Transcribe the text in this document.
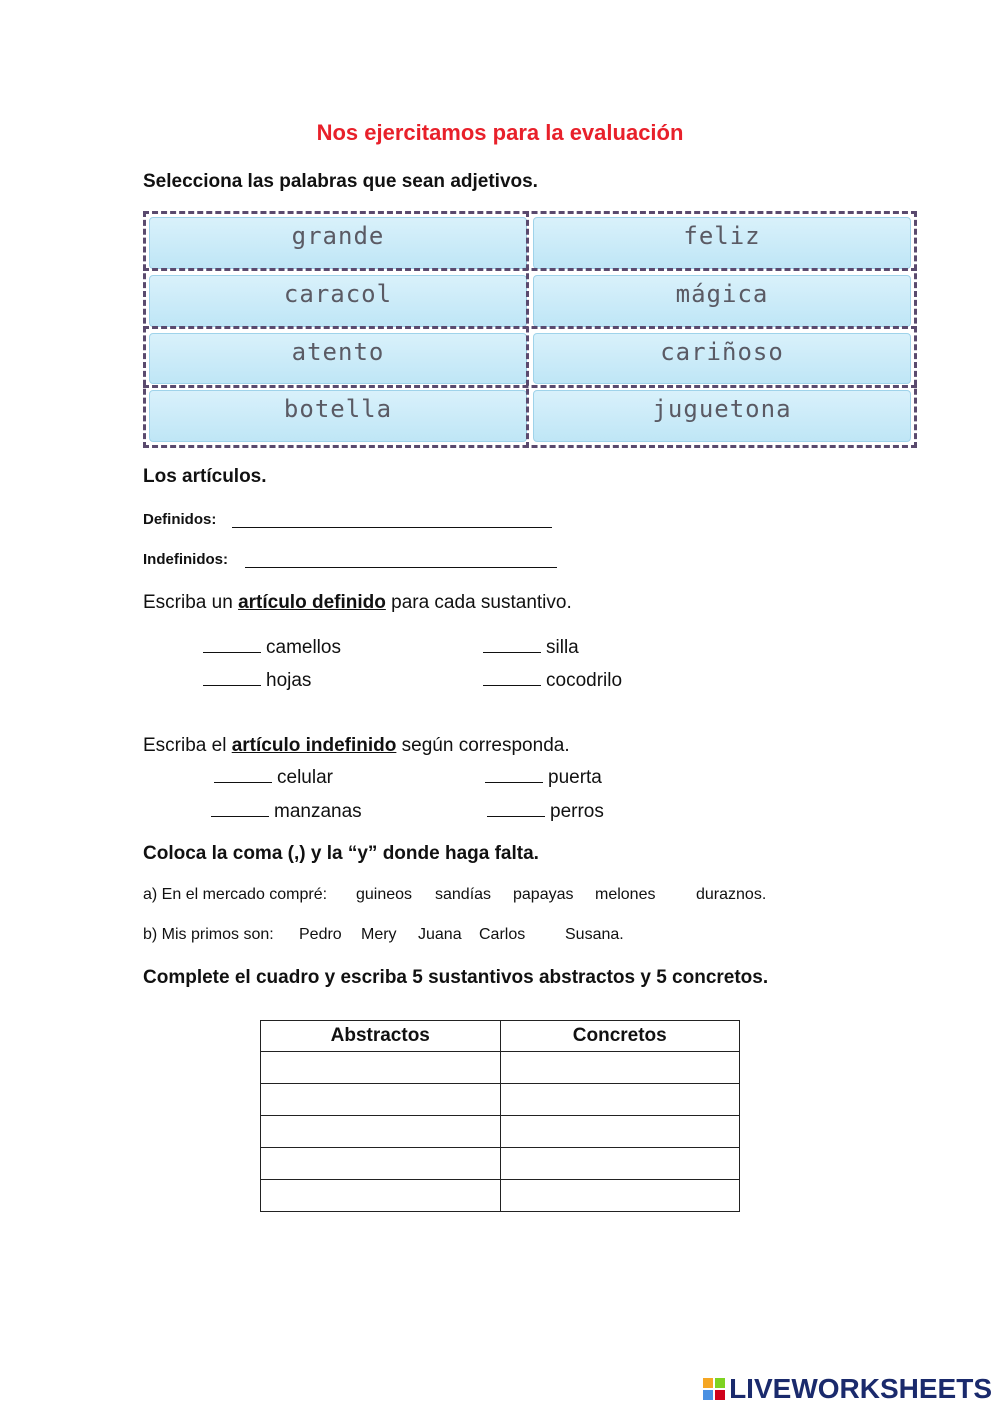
Nos ejercitamos para la evaluación
Selecciona las palabras que sean adjetivos.
grande	feliz
caracol	mágica
atento	cariñoso
botella	juguetona
Los artículos.
Definidos:
Indefinidos:
Escriba un artículo definido para cada sustantivo.
camellos	silla
hojas	cocodrilo
Escriba el artículo indefinido según corresponda.
celular	puerta
manzanas	perros
Coloca la coma (,) y la “y” donde haga falta.
a) En el mercado compré: guineos sandías papayas melones	duraznos.
b) Mis primos son: Pedro Mery Juana Carlos Susana.
Complete el cuadro y escriba 5 sustantivos abstractos y 5 concretos.
Abstractos	Concretos

LIVEWORKSHEETS
